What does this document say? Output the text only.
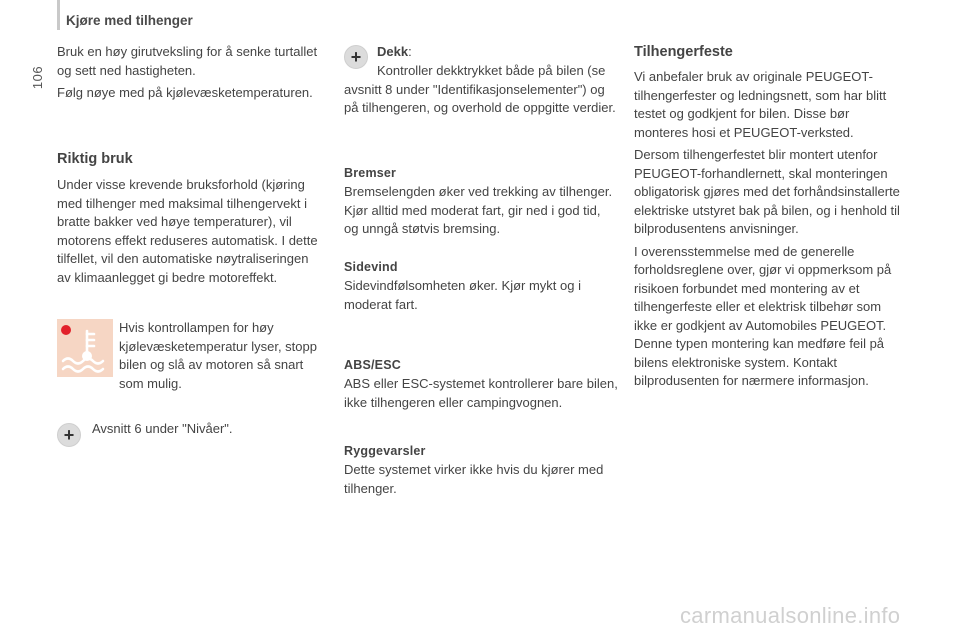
Kjøre med tilhenger
106

Bruk en høy girutveksling for å senke turtallet og sett ned hastigheten.

Følg nøye med på kjølevæsketemperaturen.

Riktig bruk

Under visse krevende bruksforhold (kjøring med tilhenger med maksimal tilhengervekt i bratte bakker ved høye temperaturer), vil motorens effekt reduseres automatisk. I dette tilfellet, vil den automatiske nøytraliseringen av klimaanlegget gi bedre motoreffekt.

Hvis kontrollampen for høy kjølevæsketemperatur lyser, stopp bilen og slå av motoren så snart som mulig.

+ Avsnitt 6 under "Nivåer".

+ Dekk:

Kontroller dekktrykket både på bilen (se avsnitt 8 under "Identifikasjonselementer") og på tilhengeren, og overhold de oppgitte verdier.

Bremser

Bremselengden øker ved trekking av tilhenger. Kjør alltid med moderat fart, gir ned i god tid, og unngå støtvis bremsing.

Sidevind

Sidevindfølsomheten øker. Kjør mykt og i moderat fart.

ABS/ESC

ABS eller ESC-systemet kontrollerer bare bilen, ikke tilhengeren eller campingvognen.

Ryggevarsler

Dette systemet virker ikke hvis du kjører med tilhenger.

Tilhengerfeste

Vi anbefaler bruk av originale PEUGEOT-tilhengerfester og ledningsnett, som har blitt testet og godkjent for bilen. Disse bør monteres hosi et PEUGEOT-verksted.

Dersom tilhengerfestet blir montert utenfor PEUGEOT-forhandlernett, skal monteringen obligatorisk gjøres med det forhåndsinstallerte elektriske utstyret bak på bilen, og i henhold til bilprodusentens anvisninger.

I overensstemmelse med de generelle forholdsreglene over, gjør vi oppmerksom på risikoen forbundet med montering av et tilhengerfeste eller et elektrisk tilbehør som ikke er godkjent av Automobiles PEUGEOT. Denne typen montering kan medføre feil på bilens elektroniske system. Kontakt bilprodusenten for nærmere informasjon.

carmanualsonline.info
